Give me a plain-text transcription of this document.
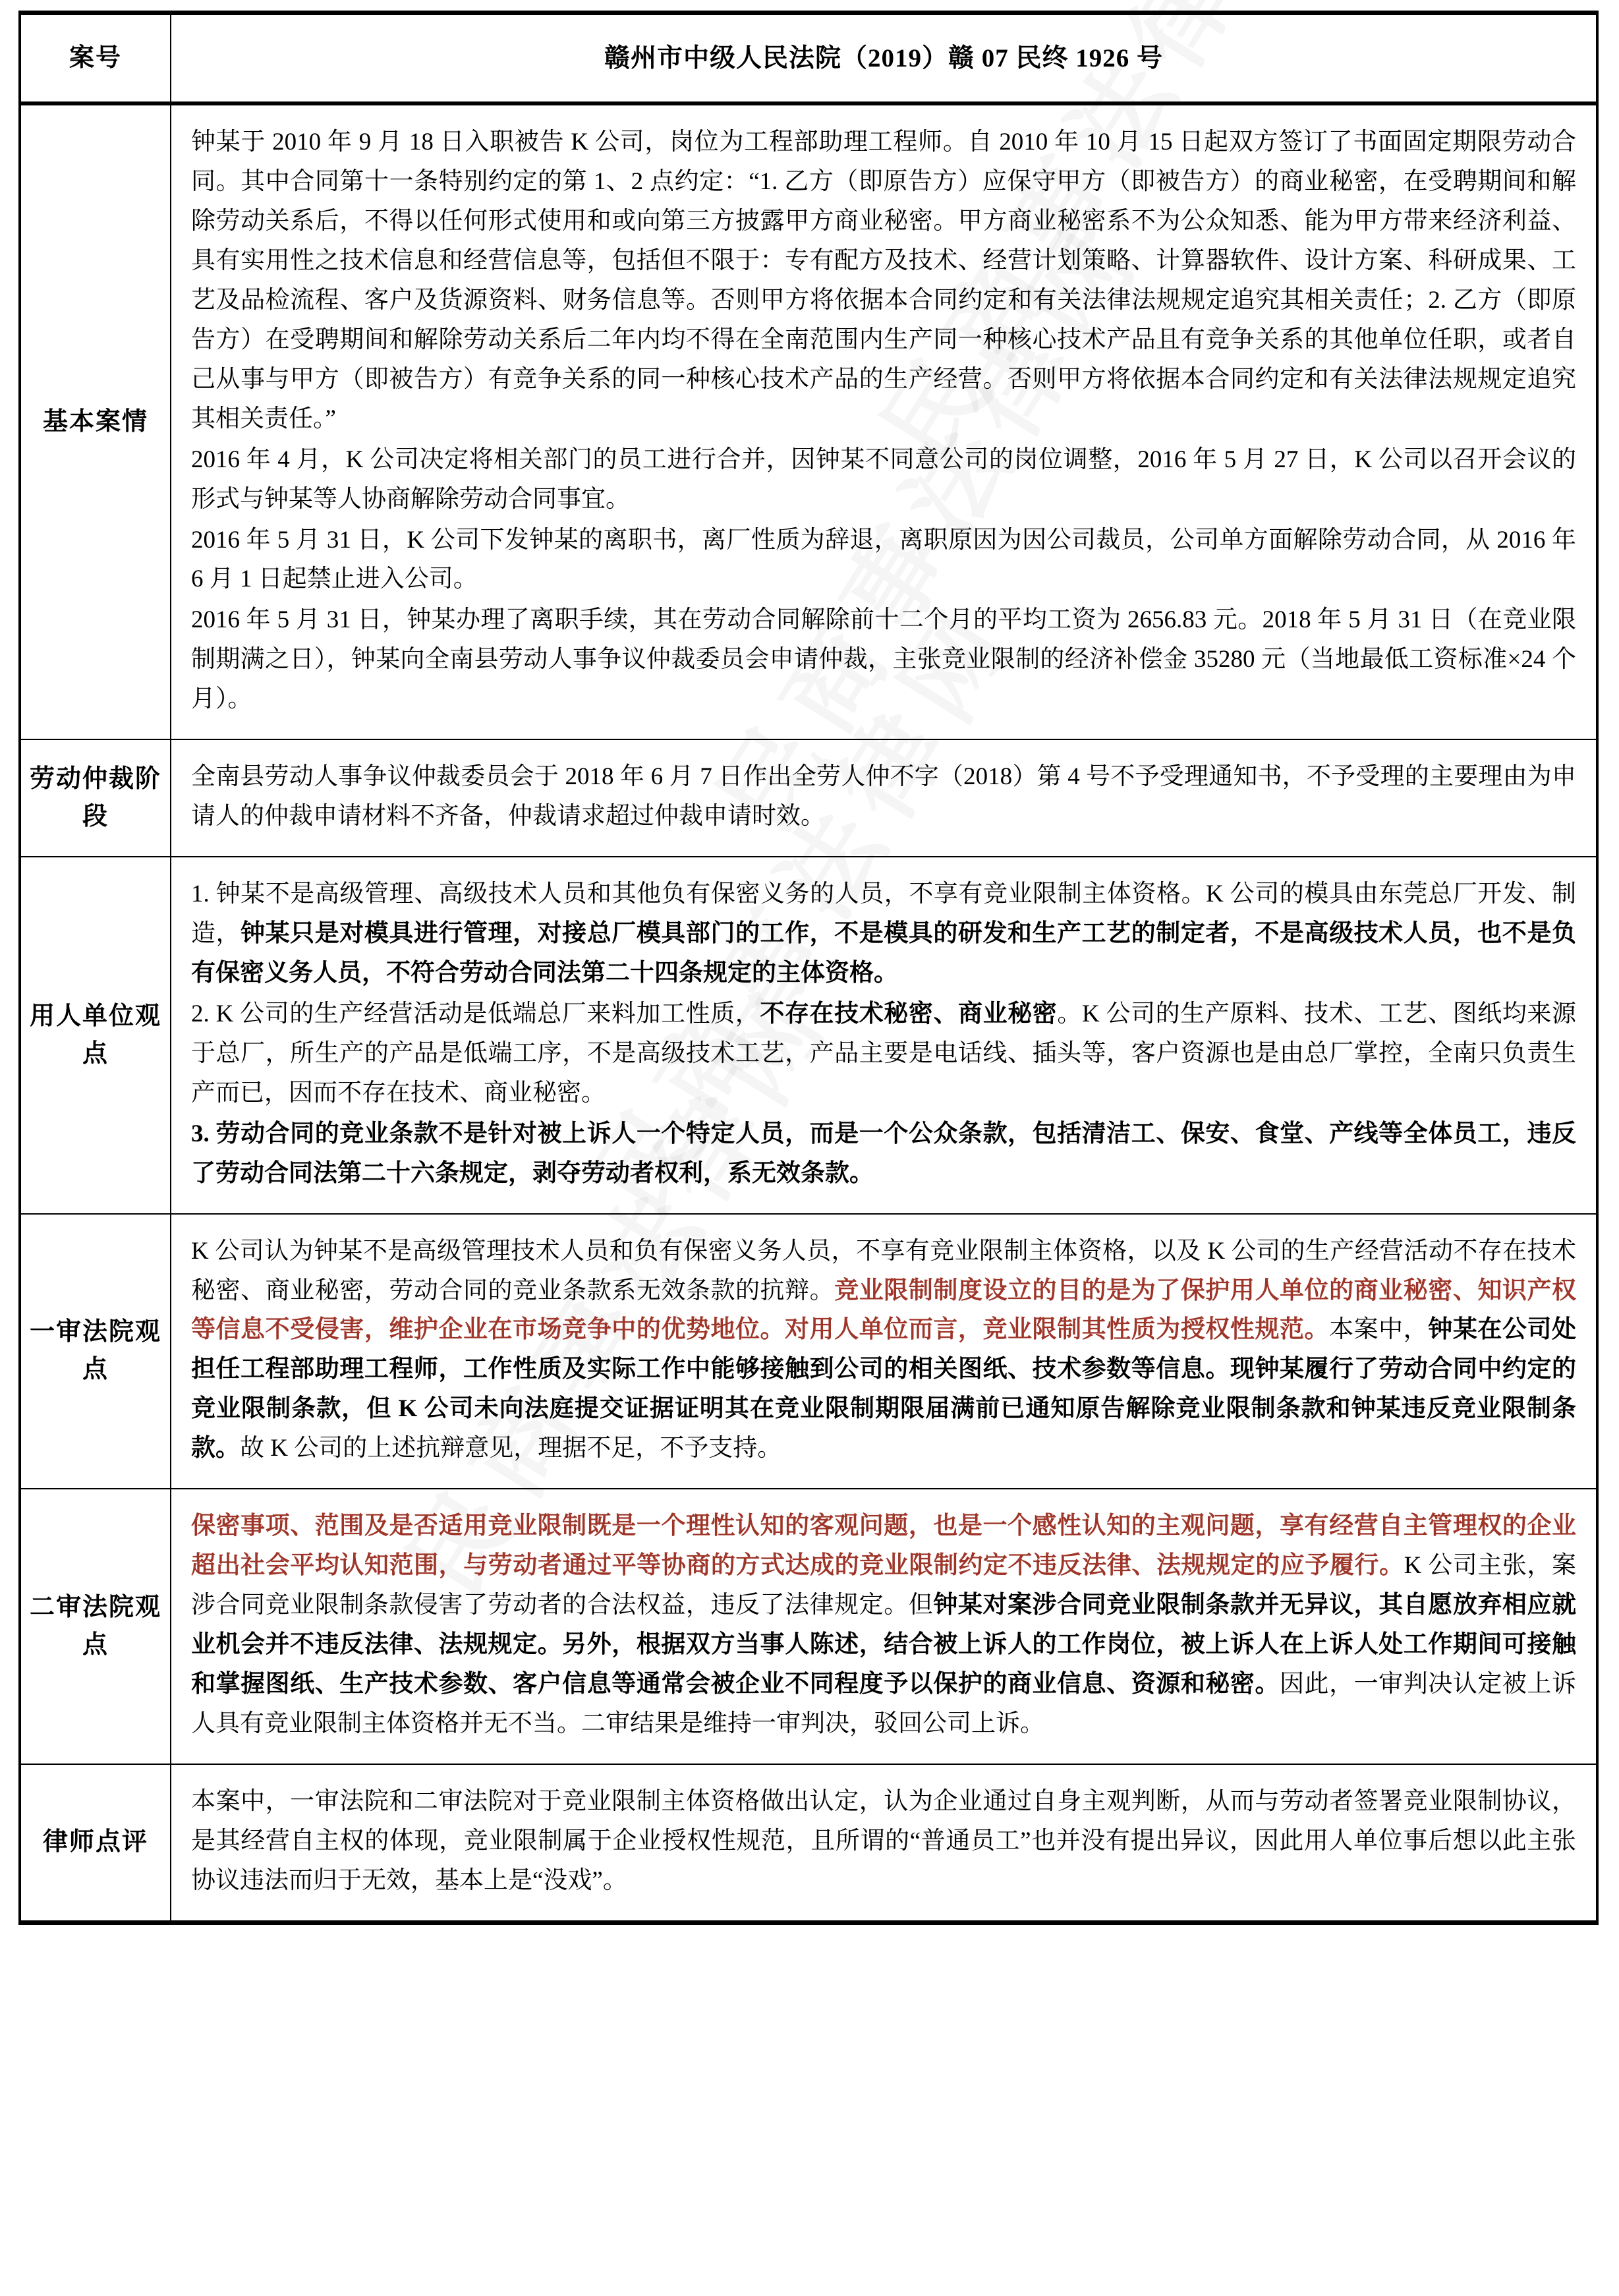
案号	赣州市中级人民法院（2019）赣 07 民终 1926 号

基本案情	钟某于 2010 年 9 月 18 日入职被告 K 公司，岗位为工程部助理工程师。自 2010 年 10 月 15 日起双方签订了书面固定期限劳动合同。其中合同第十一条特别约定的第 1、2 点约定：“1. 乙方（即原告方）应保守甲方（即被告方）的商业秘密，在受聘期间和解除劳动关系后，不得以任何形式使用和或向第三方披露甲方商业秘密。甲方商业秘密系不为公众知悉、能为甲方带来经济利益、具有实用性之技术信息和经营信息等，包括但不限于：专有配方及技术、经营计划策略、计算器软件、设计方案、科研成果、工艺及品检流程、客户及货源资料、财务信息等。否则甲方将依据本合同约定和有关法律法规规定追究其相关责任；2. 乙方（即原告方）在受聘期间和解除劳动关系后二年内均不得在全南范围内生产同一种核心技术产品且有竞争关系的其他单位任职，或者自己从事与甲方（即被告方）有竞争关系的同一种核心技术产品的生产经营。否则甲方将依据本合同约定和有关法律法规规定追究其相关责任。”

2016 年 4 月，K 公司决定将相关部门的员工进行合并，因钟某不同意公司的岗位调整，2016 年 5 月 27 日，K 公司以召开会议的形式与钟某等人协商解除劳动合同事宜。

2016 年 5 月 31 日，K 公司下发钟某的离职书，离厂性质为辞退，离职原因为因公司裁员，公司单方面解除劳动合同，从 2016 年 6 月 1 日起禁止进入公司。

2016 年 5 月 31 日，钟某办理了离职手续，其在劳动合同解除前十二个月的平均工资为 2656.83 元。2018 年 5 月 31 日（在竞业限制期满之日），钟某向全南县劳动人事争议仲裁委员会申请仲裁，主张竞业限制的经济补偿金 35280 元（当地最低工资标准×24 个月）。

劳动仲裁阶段	全南县劳动人事争议仲裁委员会于 2018 年 6 月 7 日作出全劳人仲不字（2018）第 4 号不予受理通知书，不予受理的主要理由为申请人的仲裁申请材料不齐备，仲裁请求超过仲裁申请时效。

用人单位观点	1. 钟某不是高级管理、高级技术人员和其他负有保密义务的人员，不享有竞业限制主体资格。K 公司的模具由东莞总厂开发、制造，钟某只是对模具进行管理，对接总厂模具部门的工作，不是模具的研发和生产工艺的制定者，不是高级技术人员，也不是负有保密义务人员，不符合劳动合同法第二十四条规定的主体资格。

2. K 公司的生产经营活动是低端总厂来料加工性质，不存在技术秘密、商业秘密。K 公司的生产原料、技术、工艺、图纸均来源于总厂，所生产的产品是低端工序，不是高级技术工艺，产品主要是电话线、插头等，客户资源也是由总厂掌控，全南只负责生产而已，因而不存在技术、商业秘密。

3. 劳动合同的竞业条款不是针对被上诉人一个特定人员，而是一个公众条款，包括清洁工、保安、食堂、产线等全体员工，违反了劳动合同法第二十六条规定，剥夺劳动者权利，系无效条款。

一审法院观点	K 公司认为钟某不是高级管理技术人员和负有保密义务人员，不享有竞业限制主体资格，以及 K 公司的生产经营活动不存在技术秘密、商业秘密，劳动合同的竞业条款系无效条款的抗辩。竞业限制制度设立的目的是为了保护用人单位的商业秘密、知识产权等信息不受侵害，维护企业在市场竞争中的优势地位。对用人单位而言，竞业限制其性质为授权性规范。本案中，钟某在公司处担任工程部助理工程师，工作性质及实际工作中能够接触到公司的相关图纸、技术参数等信息。现钟某履行了劳动合同中约定的竞业限制条款，但 K 公司未向法庭提交证据证明其在竞业限制期限届满前已通知原告解除竞业限制条款和钟某违反竞业限制条款。故 K 公司的上述抗辩意见，理据不足，不予支持。

二审法院观点	保密事项、范围及是否适用竞业限制既是一个理性认知的客观问题，也是一个感性认知的主观问题，享有经营自主管理权的企业超出社会平均认知范围，与劳动者通过平等协商的方式达成的竞业限制约定不违反法律、法规规定的应予履行。K 公司主张，案涉合同竞业限制条款侵害了劳动者的合法权益，违反了法律规定。但钟某对案涉合同竞业限制条款并无异议，其自愿放弃相应就业机会并不违反法律、法规规定。另外，根据双方当事人陈述，结合被上诉人的工作岗位，被上诉人在上诉人处工作期间可接触和掌握图纸、生产技术参数、客户信息等通常会被企业不同程度予以保护的商业信息、资源和秘密。因此，一审判决认定被上诉人具有竞业限制主体资格并无不当。二审结果是维持一审判决，驳回公司上诉。

律师点评	本案中，一审法院和二审法院对于竞业限制主体资格做出认定，认为企业通过自身主观判断，从而与劳动者签署竞业限制协议，是其经营自主权的体现，竞业限制属于企业授权性规范，且所谓的“普通员工”也并没有提出异议，因此用人单位事后想以此主张协议违法而归于无效，基本上是“没戏”。
